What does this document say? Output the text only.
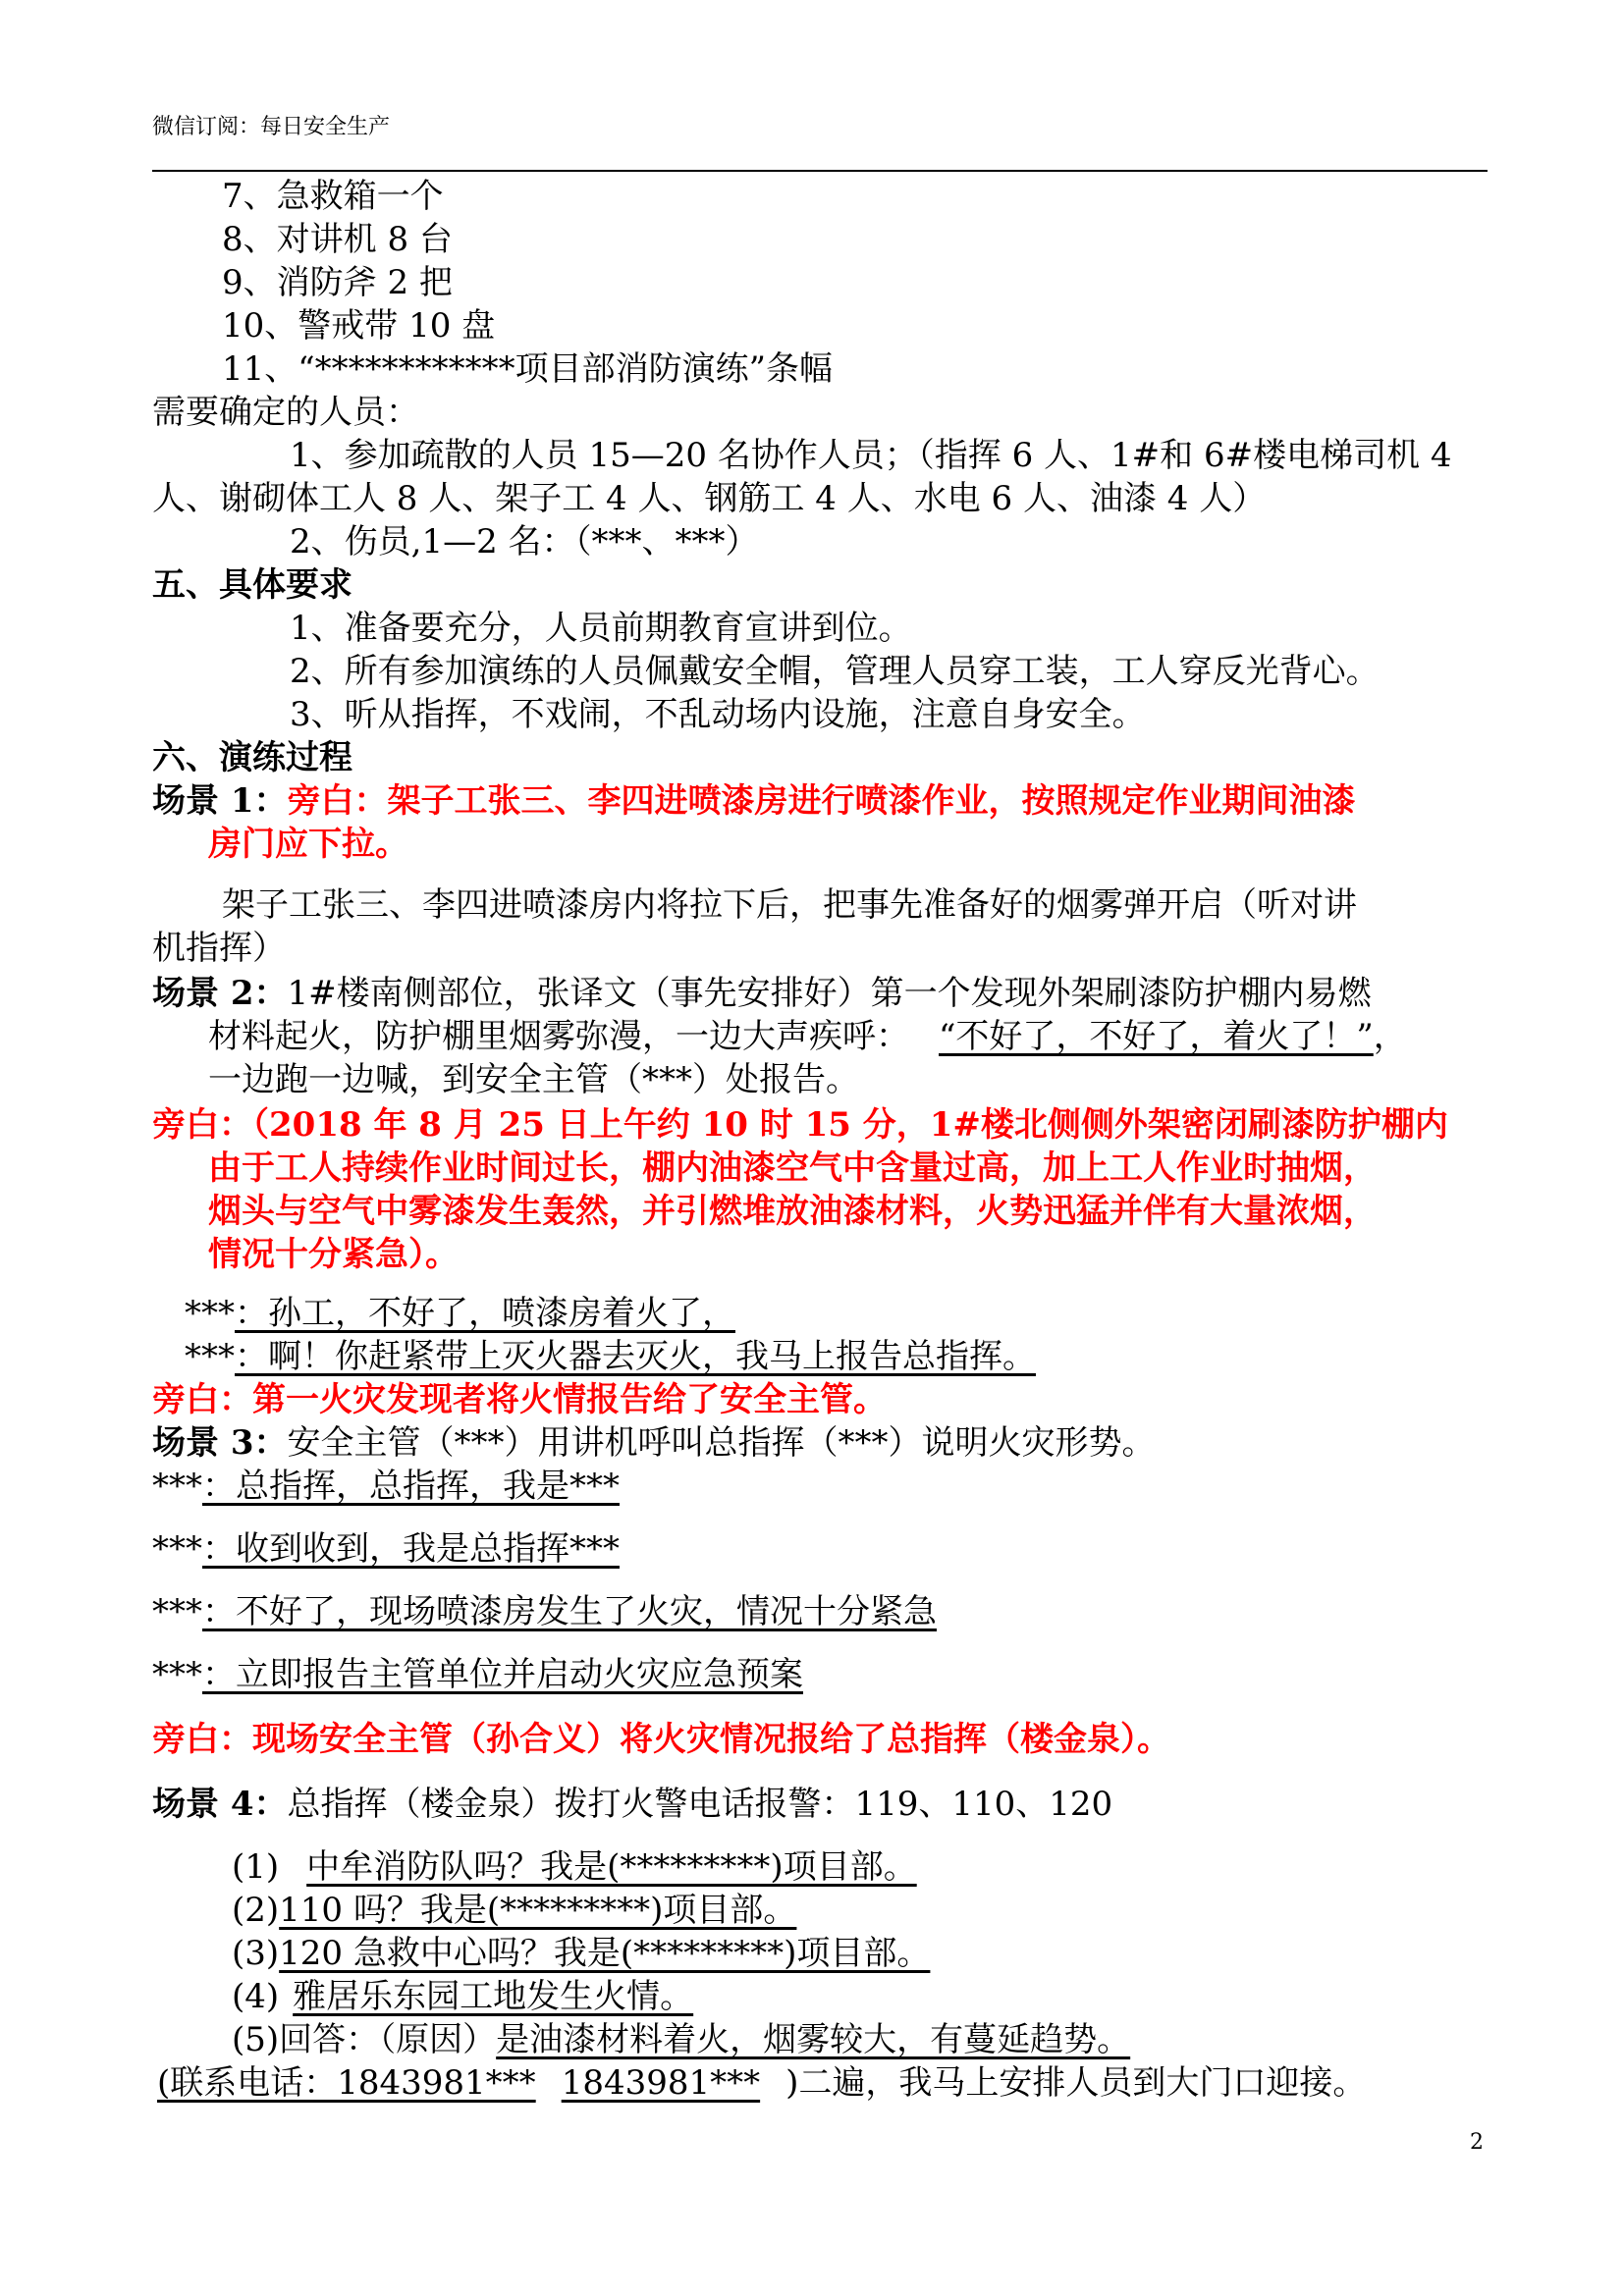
微信订阅：每日安全生产
7、急救箱一个
8、对讲机 8 台
9、消防斧 2 把
10、警戒带 10 盘
11、“************项目部消防演练”条幅
需要确定的人员：
1、参加疏散的人员 15—20 名协作人员；（指挥 6 人、1#和 6#楼电梯司机 4
人、谢砌体工人 8 人、架子工 4 人、钢筋工 4 人、水电 6 人、油漆 4 人）
2、伤员,1—2 名：（***、***）
五、具体要求
1、准备要充分，人员前期教育宣讲到位。
2、所有参加演练的人员佩戴安全帽，管理人员穿工装，工人穿反光背心。
3、听从指挥，不戏闹，不乱动场内设施，注意自身安全。
六、演练过程
场景 1：旁白：架子工张三、李四进喷漆房进行喷漆作业，按照规定作业期间油漆
房门应下拉。
架子工张三、李四进喷漆房内将拉下后，把事先准备好的烟雾弹开启（听对讲
机指挥）
场景 2：1#楼南侧部位，张译文（事先安排好）第一个发现外架刷漆防护棚内易燃
材料起火，防护棚里烟雾弥漫，一边大声疾呼： “不好了，不好了，着火了！”，
一边跑一边喊，到安全主管（***）处报告。
旁白：（2018 年 8 月 25 日上午约 10 时 15 分，1#楼北侧侧外架密闭刷漆防护棚内
由于工人持续作业时间过长，棚内油漆空气中含量过高，加上工人作业时抽烟，
烟头与空气中雾漆发生轰然，并引燃堆放油漆材料，火势迅猛并伴有大量浓烟，
情况十分紧急）。
***：孙工，不好了，喷漆房着火了，
***：啊！你赶紧带上灭火器去灭火，我马上报告总指挥。
旁白：第一火灾发现者将火情报告给了安全主管。
场景 3：安全主管（***）用讲机呼叫总指挥（***）说明火灾形势。
***：总指挥，总指挥，我是***
***：收到收到，我是总指挥***
***：不好了，现场喷漆房发生了火灾，情况十分紧急
***：立即报告主管单位并启动火灾应急预案
旁白：现场安全主管（孙合义）将火灾情况报给了总指挥（楼金泉）。
场景 4：总指挥（楼金泉）拨打火警电话报警：119、110、120
(1) 中牟消防队吗？我是(*********)项目部。
(2)110 吗？我是(*********)项目部。
(3)120 急救中心吗？我是(*********)项目部。
(4) 雅居乐东园工地发生火情。
(5)回答：（原因）是油漆材料着火，烟雾较大，有蔓延趋势。
(联系电话：1843981*** 1843981*** )二遍，我马上安排人员到大门口迎接。
2
